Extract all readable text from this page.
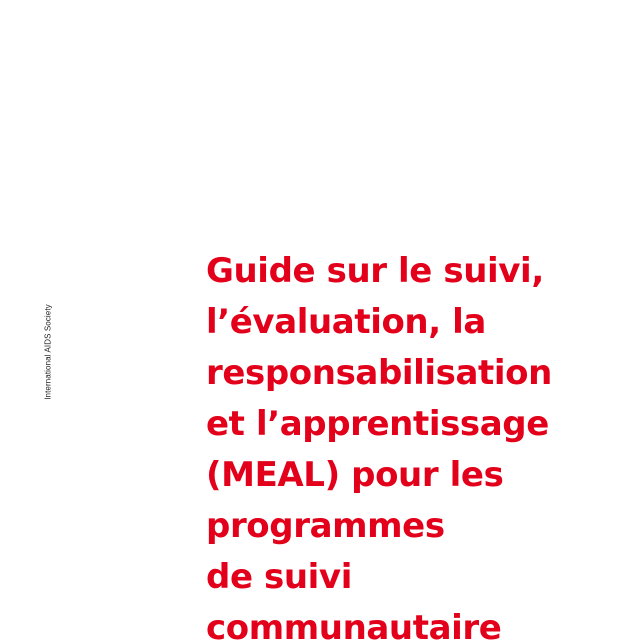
International AIDS Society
Guide sur le suivi,
l’évaluation, la
responsabilisation
et l’apprentissage
(MEAL) pour les
programmes
de suivi
communautaire
